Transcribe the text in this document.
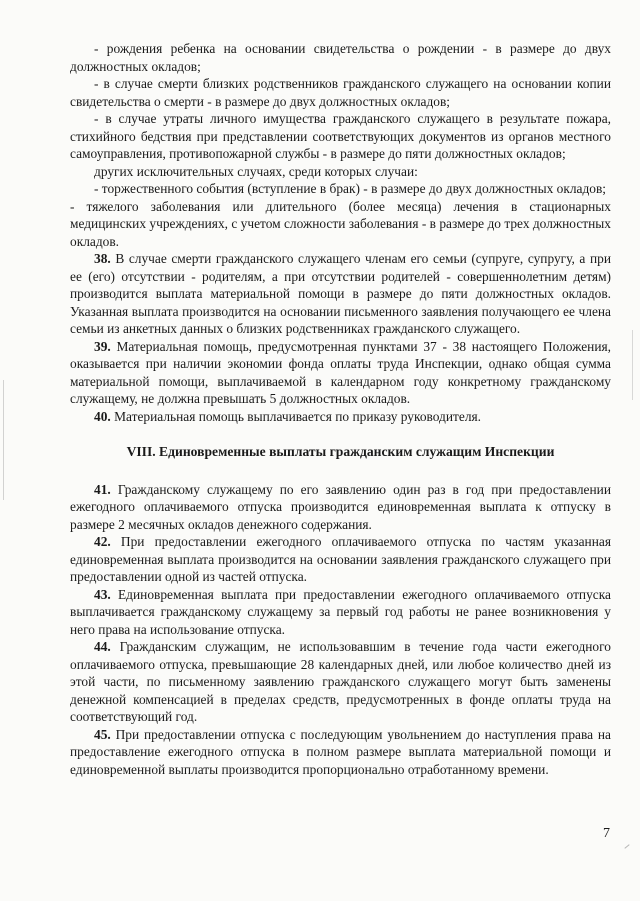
- рождения ребенка на основании свидетельства о рождении - в размере до двух должностных окладов;

- в случае смерти близких родственников гражданского служащего на основании копии свидетельства о смерти - в размере до двух должностных окладов;

- в случае утраты личного имущества гражданского служащего в результате пожара, стихийного бедствия при представлении соответствующих документов из органов местного самоуправления, противопожарной службы - в размере до пяти должностных окладов;

других исключительных случаях, среди которых случаи:

- торжественного события (вступление в брак) - в размере до двух должностных окладов;

- тяжелого заболевания или длительного (более месяца) лечения в стационарных медицинских учреждениях, с учетом сложности заболевания - в размере до трех должностных окладов.

38. В случае смерти гражданского служащего членам его семьи (супруге, супругу, а при ее (его) отсутствии - родителям, а при отсутствии родителей - совершеннолетним детям) производится выплата материальной помощи в размере до пяти должностных окладов. Указанная выплата производится на основании письменного заявления получающего ее члена семьи из анкетных данных о близких родственниках гражданского служащего.

39. Материальная помощь, предусмотренная пунктами 37 - 38 настоящего Положения, оказывается при наличии экономии фонда оплаты труда Инспекции, однако общая сумма материальной помощи, выплачиваемой в календарном году конкретному гражданскому служащему, не должна превышать 5 должностных окладов.

40. Материальная помощь выплачивается по приказу руководителя.

VIII. Единовременные выплаты гражданским служащим Инспекции

41. Гражданскому служащему по его заявлению один раз в год при предоставлении ежегодного оплачиваемого отпуска производится единовременная выплата к отпуску в размере 2 месячных окладов денежного содержания.

42. При предоставлении ежегодного оплачиваемого отпуска по частям указанная единовременная выплата производится на основании заявления гражданского служащего при предоставлении одной из частей отпуска.

43. Единовременная выплата при предоставлении ежегодного оплачиваемого отпуска выплачивается гражданскому служащему за первый год работы не ранее возникновения у него права на использование отпуска.

44. Гражданским служащим, не использовавшим в течение года части ежегодного оплачиваемого отпуска, превышающие 28 календарных дней, или любое количество дней из этой части, по письменному заявлению гражданского служащего могут быть заменены денежной компенсацией в пределах средств, предусмотренных в фонде оплаты труда на соответствующий год.

45. При предоставлении отпуска с последующим увольнением до наступления права на предоставление ежегодного отпуска в полном размере выплата материальной помощи и единовременной выплаты производится пропорционально отработанному времени.

7
